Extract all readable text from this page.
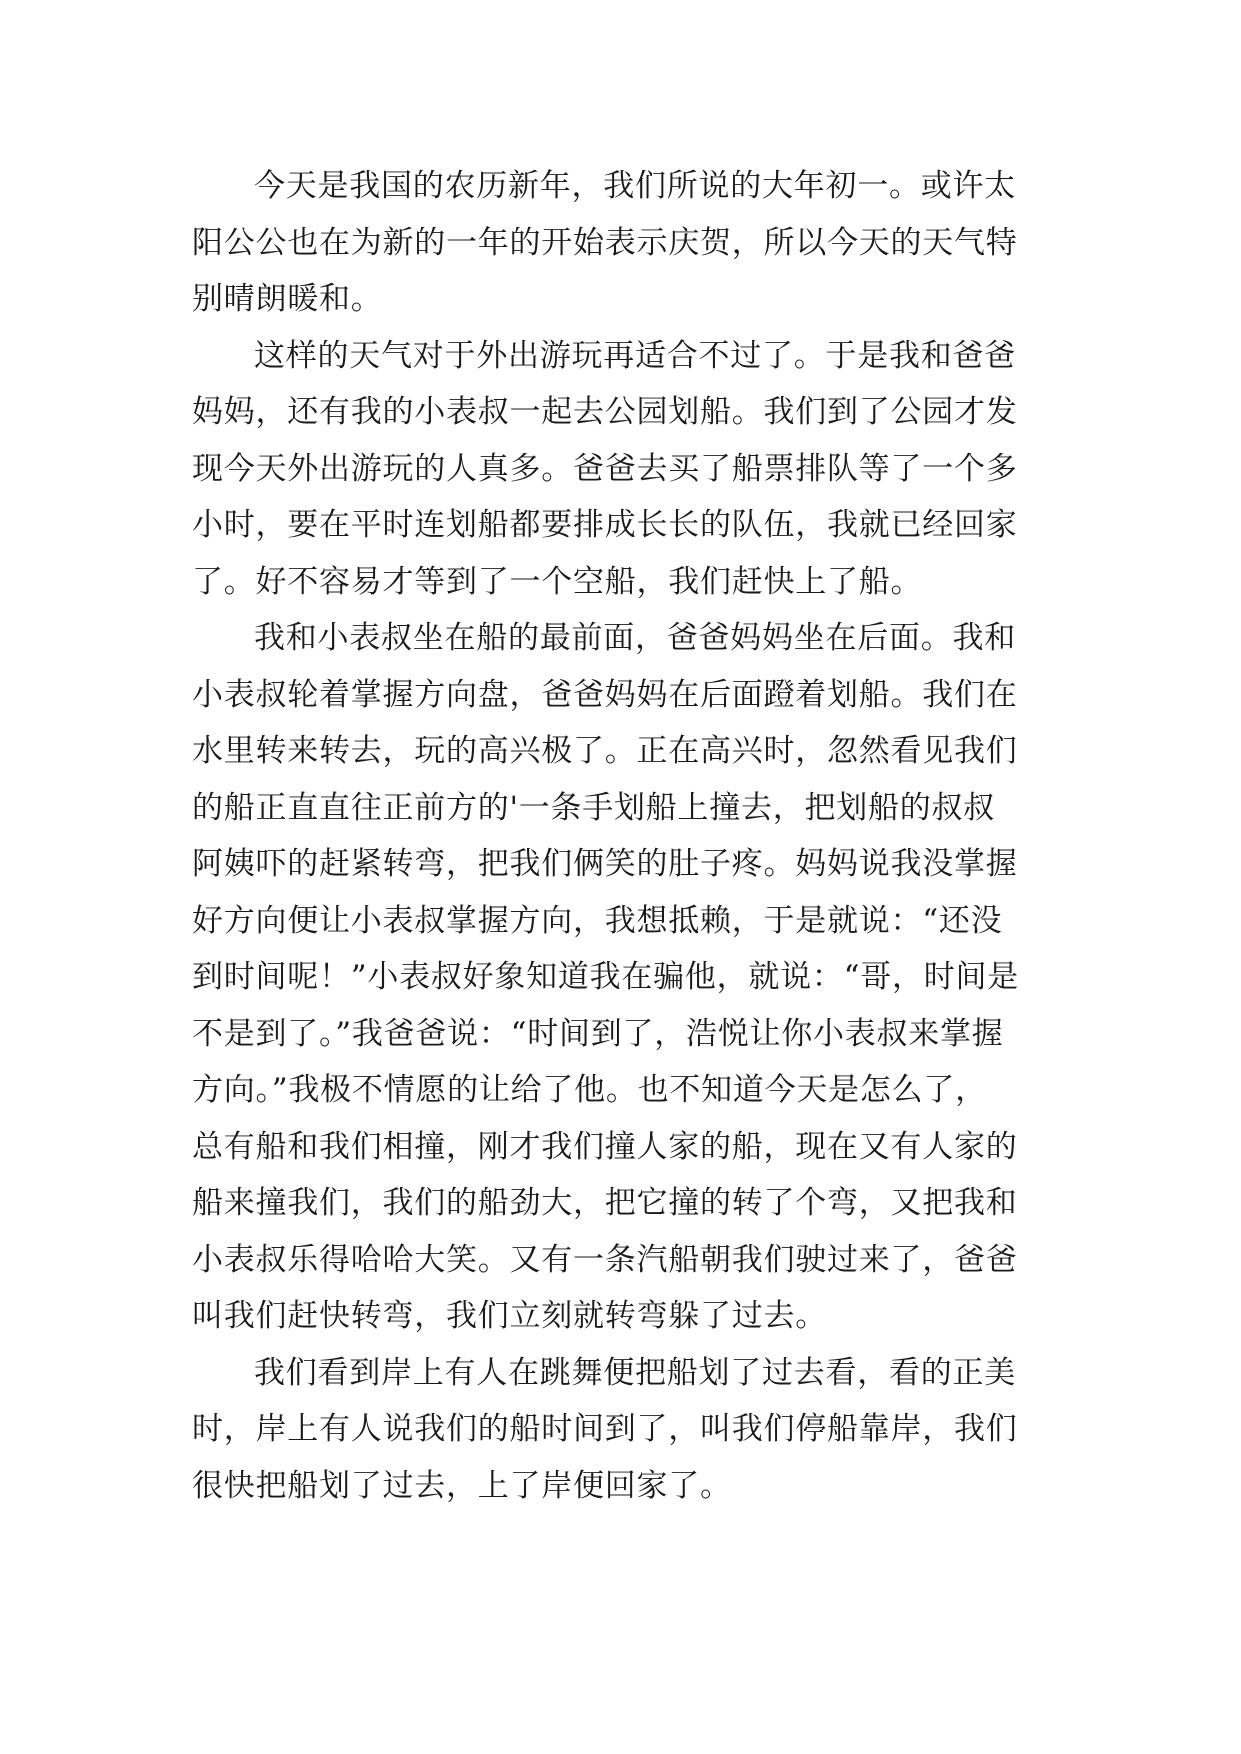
今天是我国的农历新年，我们所说的大年初一。或许太
阳公公也在为新的一年的开始表示庆贺，所以今天的天气特
别晴朗暖和。

这样的天气对于外出游玩再适合不过了。于是我和爸爸
妈妈，还有我的小表叔一起去公园划船。我们到了公园才发
现今天外出游玩的人真多。爸爸去买了船票排队等了一个多
小时，要在平时连划船都要排成长长的队伍，我就已经回家
了。好不容易才等到了一个空船，我们赶快上了船。

我和小表叔坐在船的最前面，爸爸妈妈坐在后面。我和
小表叔轮着掌握方向盘，爸爸妈妈在后面蹬着划船。我们在
水里转来转去，玩的高兴极了。正在高兴时，忽然看见我们
的船正直直往正前方的'一条手划船上撞去，把划船的叔叔
阿姨吓的赶紧转弯，把我们俩笑的肚子疼。妈妈说我没掌握
好方向便让小表叔掌握方向，我想抵赖，于是就说：“还没
到时间呢！”小表叔好象知道我在骗他，就说：“哥，时间是
不是到了。”我爸爸说：“时间到了，浩悦让你小表叔来掌握
方向。”我极不情愿的让给了他。也不知道今天是怎么了，
总有船和我们相撞，刚才我们撞人家的船，现在又有人家的
船来撞我们，我们的船劲大，把它撞的转了个弯，又把我和
小表叔乐得哈哈大笑。又有一条汽船朝我们驶过来了，爸爸
叫我们赶快转弯，我们立刻就转弯躲了过去。

我们看到岸上有人在跳舞便把船划了过去看，看的正美
时，岸上有人说我们的船时间到了，叫我们停船靠岸，我们
很快把船划了过去，上了岸便回家了。
